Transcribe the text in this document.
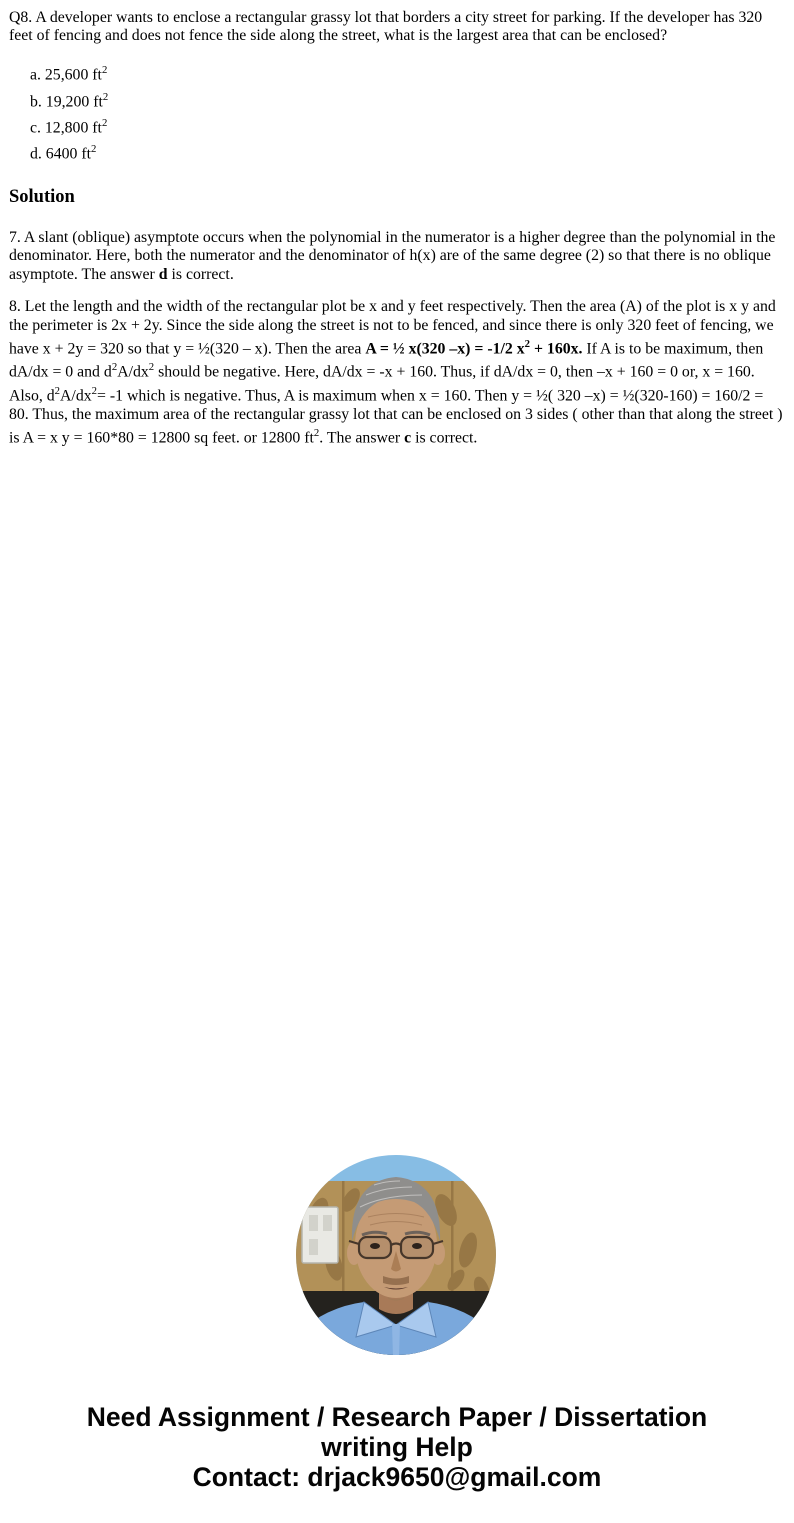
Q8. A developer wants to enclose a rectangular grassy lot that borders a city street for parking. If the developer has 320 feet of fencing and does not fence the side along the street, what is the largest area that can be enclosed?

a. 25,600 $ft^2$
b. 19,200 $ft^2$
c. 12,800 $ft^2$
d. 6400 $ft^2$
Solution

7. A slant (oblique) asymptote occurs when the polynomial in the numerator is a higher degree than the polynomial in the denominator. Here, both the numerator and the denominator of h(x) are of the same degree (2) so that there is no oblique asymptote. The answer d is correct.

8. Let the length and the width of the rectangular plot be x and y feet respectively. Then the area (A) of the plot is x y and the perimeter is 2x + 2y. Since the side along the street is not to be fenced, and since there is only 320 feet of fencing, we have x + 2y = 320 so that y = ½(320 – x). Then the area A = ½ x(320 –x) = -1/2 $x^2 + 160x$. If A is to be maximum, then dA/dx = 0 and $d^2A/dx^2$ should be negative. Here, dA/dx = -x + 160. Thus, if dA/dx = 0, then –x + 160 = 0 or, x = 160. Also, $d^2A/dx^2= -1$ which is negative. Thus, A is maximum when x = 160. Then y = ½( 320 –x) = ½(320-160) = 160/2 = 80. Thus, the maximum area of the rectangular grassy lot that can be enclosed on 3 sides ( other than that along the street ) is A = x y = 160*80 = 12800 sq feet. or 12800 $ft^2$. The answer c is correct.

Need Assignment / Research Paper / Dissertation
writing Help
Contact: drjack9650@gmail.com
